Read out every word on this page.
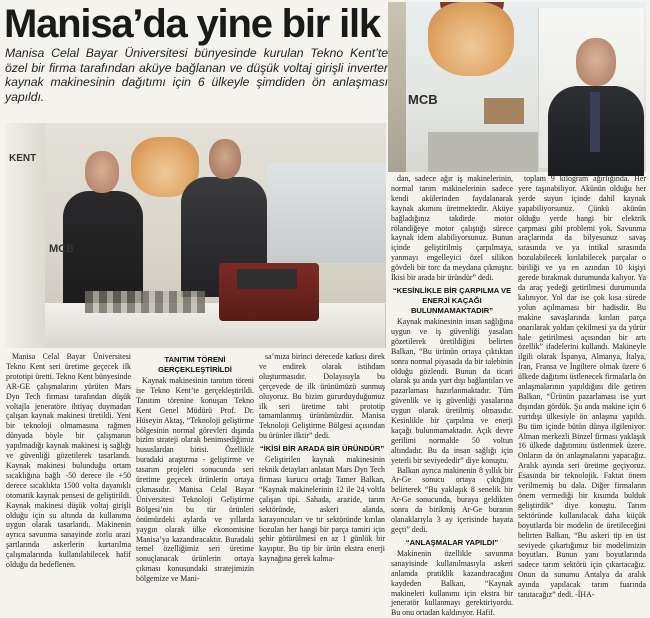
Manisa’da yine bir ilk
Manisa Celal Bayar Üniversitesi bünyesinde kurulan Tekno Kent’te özel bir firma tarafından aküye bağlanan ve düşük voltaj girişli inverter kaynak makinesinin dağıtımı için 6 ülkeyle şimdiden ön anlaşması yapıldı.	MCB
KENT
MCB

Manisa Celal Bayar Üniversitesi Tekno Kent seri üretime geçecek ilk prototipi üretti. Tekno Kent bünyesinde AR-GE çalışmalarını yürüten Mars Dyn Tech firması tarafından düşük voltajla jeneratöre ihtiyaç duymadan çalışan kaynak makinesi üretildi. Yeni bir teknoloji olmamasına rağmen dünyada böyle bir çalışmanın yapılmadığı kaynak makinesi iş sağlığı ve güvenliği gözetilerek tasarlandı. Kaynak makinesi bulunduğu ortam sıcaklığına bağlı -50 derece ile +50 derece sıcaklıkta 1500 volta dayanıklı otomatik kaynak pensesi de geliştirildi. Kaynak makinesi düşük voltaj girişli olduğu için su altında da kullanıma uygun olarak tasarlandı. Makinenin ayrıca savunma sanayinde zorlu arazi şartlarında askerlerin kurtarılma çalışmalarında kullanılabilecek hafif olduğu da hedeflenen.

TANITIM TÖRENİ GERÇEKLEŞTİRİLDİ

Kaynak makinesinin tanıtım töreni ise Tekno Kent’te gerçekleştirildi. Tanıtım törenine konuşan Tekno Kent Genel Müdürü Prof. Dr. Hüseyin Aktaş, “Teknoloji geliştirme bölgesinin normal görevleri dışında bizim strateji olarak benimsediğimiz hususlardan birisi. Özellikle buradaki araştırma - geliştirme ve tasarım projeleri sonucunda seri üretime geçecek ürünlerin ortaya çıkmasıdır. Manisa Celal Bayar Üniversitesi Teknoloji Geliştirme Bölgesi’nin bu tür ürünleri önümüzdeki aylarda ve yıllarda yaygın olarak ülke ekonomisine Manisa’ya kazandıracaktır. Buradaki temel özelliğimiz seri üretime sonuçlanacak ürünlerin ortaya çıkması konusundaki stratejimizin bölgemize ve Mani-

sa’mıza birinci derecede katkısı direk ve endirek olarak istihdam oluşturmasıdır. Dolayısıyla bu çerçevede de ilk ürünümüzü sunmuş oluyoruz. Bu bizim gururduyduğumuz ilk seri üretime tabi prototip tamamlanmış ürünümüzdür. Manisa Teknoloji Geliştirme Bölgesi açısından bu ürünler ilktir” dedi.

“İKİSİ BİR ARADA BİR ÜRÜNDÜR”

Geliştirilen kaynak makinesinin teknik detayları anlatan Mars Dyn Tech firması kurucu ortağı Tamer Balkan, “Kaynak makinelerinin 12 ile 24 voltla çalışan tipi. Sahada, arazide, tarım sektöründe, askeri alanda, karayoncuları ve tır sektöründe kırılan bozulan her hangi bir parça tamiri için şehir götürülmesi en az 1 günlük bir kayıptır. Bu tip bir ürün ekstra enerji kaynağına gerek kalma-

dan, sadece ağır iş makinelerinin, normal tarım makinelerinin sadece kendi akülerinden faydalanarak kaynak akımını üretmektedir. Aküye bağladığınız takdirde motor rölandiğeye motor çalıştığı sürece kaynak idem alabiliyorsunuz. Bunun içinde geliştirilmiş çarpılmaya, yanmayı engelleyici özel silikon gövdeli bir torc da meydana çıkmıştır. İkisi bir arada bir üründür” dedi.

“KESİNLİKLE BİR ÇARPILMA VE ENERJİ KAÇAĞI BULUNMAMAKTADIR”

Kaynak makinesinin insan sağlığına uygun ve iş güvenliği yasaları gözetilerek üretildiğini belirten Balkan, “Bu ürünün ortaya çıktıktan sonra normal piyasada da bir talebinin olduğu gözlendi. Bunun da ticari olarak şu anda yurt dışı bağlantıları ve pazarlaması hazırlanmaktadır. Tüm güvenlik ve iş güvenliği yasalarına uygun olarak üretilmiş olmasıdır. Kesinlikle bir çarpılma ve enerji kaçağı bulunmamaktadır. Açık devre gerilimi normalde 50 voltun altındadır. Bu da insan sağlığı için yeterli bir seviyededir” diye konuştu.

Balkan ayrıca makinenin 8 yıllık bir Ar-Ge sonucu ortaya çıktığını belirterek “Bu yaklaşık 8 senelik bir Ar-Ge sonucunda, buraya geldikten sonra da birikmiş Ar-Ge buranın olanaklarıyla 3 ay içerisinde hayata geçti” dedi.

“ANLAŞMALAR YAPILDI”

Makinenin özellikle savunma sanayisinde kullanılmasıyla askeri anlamda pratiklik kazandıracağını kaydeden Balkan, “Kaynak makineleri kullanımı için ekstra bir jeneratör kullanmayı gerektiriyordu. Bu onu ortadan kaldırıyor. Hafif.

toplam 9 kilogram ağırlığında. Her yere taşınabiliyor. Akünün olduğu her yerde suyun içinde dahil kaynak yapabiliyorsunuz. Çünkü akünün olduğu yerde hangi bir elektrik çarpması gibi problemi yok. Savunma araçlarında da bilyesunuz savaş sırasında ve ya intikal sırasında bozulabilecek kırılabilecek parçalar o biriliği ve ya en azından 10 kişiyi gerede bırakmak durumunda kalıyor. Ya da araç yedeği getirilmesi durumunda kalınıyor. Yol dar ise çok kısa sürede yolun açılmaması bir hadisdir. Bu makine savaşlarında kırılan parça onarılarak yoldan çekilmesi ya da yürür hale getirilmesi açısından bir artı özellik” ifadelerini kullandı. Makineyle ilgili olarak İspanya, Almanya, İtalya, İran, Fransa ve İngiltere olmak üzere 6 ülkede dağıtımı üstlenecek firmalarla ön anlaşmalarının yapıldığını dile getiren Balkan, “Ürünün pazarlaması ise yurt dışından gördük. Şu anda makine için 6 yurtdışı ülkesiyle ön anlaşma yapıldı. Bu tüm içinde bütün dünya ilgileniyor. Alman merkezli Binzel firması yaklaşık 16 ülkede dağıtımını üstlenmek üzere. Onların da ön anlaşmalarını yapacağız. Aralık ayında seri üretime geçiyoruz. Esasında bir teknolojik. Faktat önem verilmemiş bu dala. Diğer firmaların önem vermediği bir kısımda bulduk geliştirdik” diye konuştu. Tarım sektöründe kullanılacak daha küçük boyutlarda bir modelin de üretileceğini belirten Balkan, “Bu askeri tip en üst seviyede çıkartığımız bir modelimizin boyutları. Bunun yanı boyutlarında sadece tarım sektörü için çıkartacağız. Onun da sunumu Antalya da aralık ayında yapılacak tarım fuarında tanıtacağız” dedi. -İHA-
